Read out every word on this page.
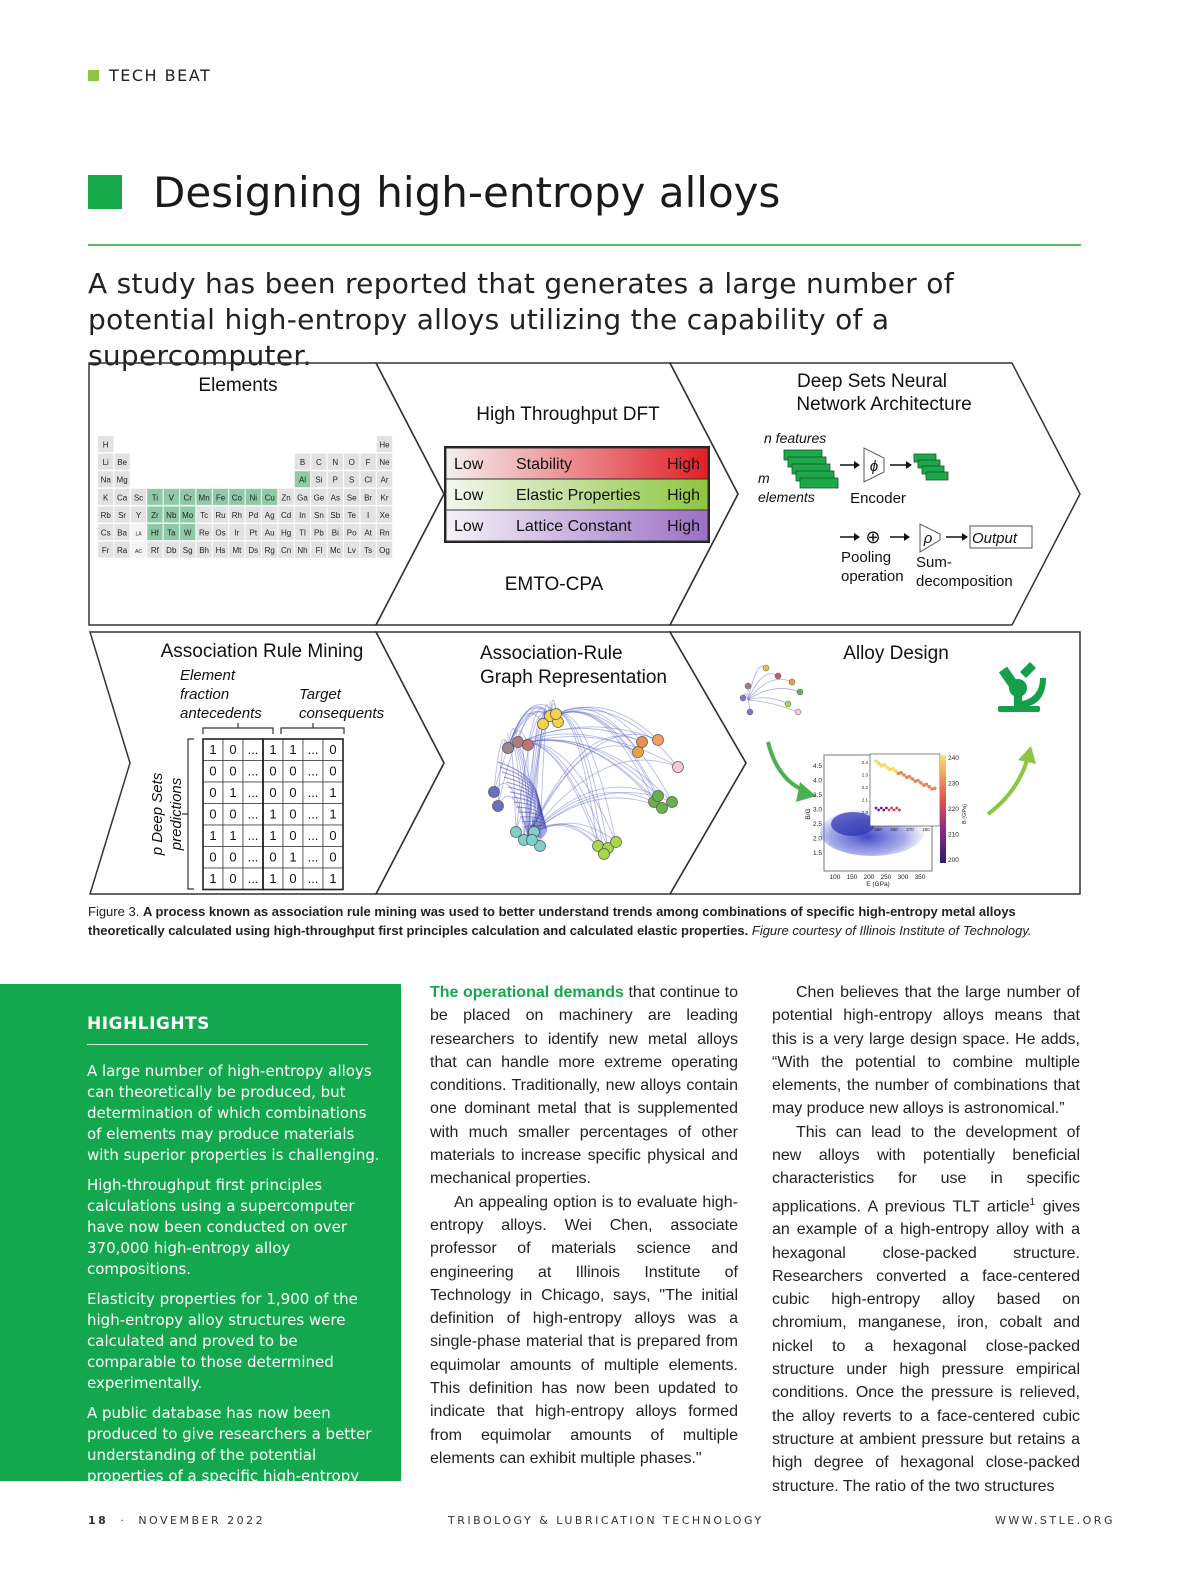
TECH BEAT
Designing high-entropy alloys
A study has been reported that generates a large number of potential high-entropy alloys utilizing the capability of a supercomputer.
Elements
High Throughput DFT
Deep Sets Neural
Network Architecture
Association Rule Mining	Association-Rule
Graph Representation
Alloy Design
H	He
Li Be	B C N O F Ne
Na Mg	Al Si P S Cl Ar
K Ca Sc Ti V Cr Mn Fe Co Ni Cu Zn Ga Ge As Se Br Kr
Rb Sr Y Zr Nb Mo Tc Ru Rh Pd Ag Cd In Sn Sb Te I Xe
Cs Ba LA Hf Ta W Re Os Ir Pt Au Hg Tl Pb Bi Po At Rn
Fr Ra AC Rf Db Sg Bh Hs Mt Ds Rg Cn Nh Fl Mc Lv Ts Og
Low Stability	High
Low Elastic Properties High
Low Lattice Constant High
EMTO-CPA
n features
m
elements
ϕ
Encoder
⊕	ρ	Output
Pooling
operation
Sum-
decomposition
Element
fraction
antecedents
Target
consequents
p Deep Sets predictions
1 0 ... 1 1 ... 0
0 0 ... 0 0 ... 0
0 1 ... 0 0 ... 1
0 0 ... 1 0 ... 1
1 1 ... 1 0 ... 0
0 0 ... 0 1 ... 0
1 0 ... 1 0 ... 1
4.5
4.0
3.5
3.0
2.5
2.0
1.5
100 150 200 250 300 350
E (GPa)
B/G
240
230
220
210
200
B (GPa)
2.4
2.3
2.2
2.1
2.0
250 260 270 280
Figure 3. A process known as association rule mining was used to better understand trends among combinations of specific high-entropy metal alloys theoretically calculated using high-throughput first principles calculation and calculated elastic properties. Figure courtesy of Illinois Institute of Technology.
HIGHLIGHTS

A large number of high-entropy alloys can theoretically be produced, but determination of which combinations of elements may produce materials with superior properties is challenging.

High-throughput first principles calculations using a supercomputer have now been conducted on over 370,000 high-entropy alloy compositions.

Elasticity properties for 1,900 of the high-entropy alloy structures were calculated and proved to be comparable to those determined experimentally.

A public database has now been produced to give researchers a better understanding of the potential properties of a specific high-entropy alloy.

The operational demands that continue to be placed on machinery are leading researchers to identify new metal alloys that can handle more extreme operating conditions. Traditionally, new alloys contain one dominant metal that is supplemented with much smaller percentages of other materials to increase specific physical and mechanical properties.

An appealing option is to evaluate high-entropy alloys. Wei Chen, associate professor of materials science and engineering at Illinois Institute of Technology in Chicago, says, "The initial definition of high-entropy alloys was a single-phase material that is prepared from equimolar amounts of multiple elements. This definition has now been updated to indicate that high-entropy alloys formed from equimolar amounts of multiple elements can exhibit multiple phases."

Chen believes that the large number of potential high-entropy alloys means that this is a very large design space. He adds, “With the potential to combine multiple elements, the number of combinations that may produce new alloys is astronomical.”

This can lead to the development of new alloys with potentially beneficial characteristics for use in specific applications. A previous TLT article$^1$ gives an example of a high-entropy alloy with a hexagonal close-packed structure. Researchers converted a face-centered cubic high-entropy alloy based on chromium, manganese, iron, cobalt and nickel to a hexagonal close-packed structure under high pressure empirical conditions. Once the pressure is relieved, the alloy reverts to a face-centered cubic structure at ambient pressure but retains a high degree of hexagonal close-packed structure. The ratio of the two structures

18 · NOVEMBER 2022	TRIBOLOGY & LUBRICATION TECHNOLOGY	WWW.STLE.ORG
